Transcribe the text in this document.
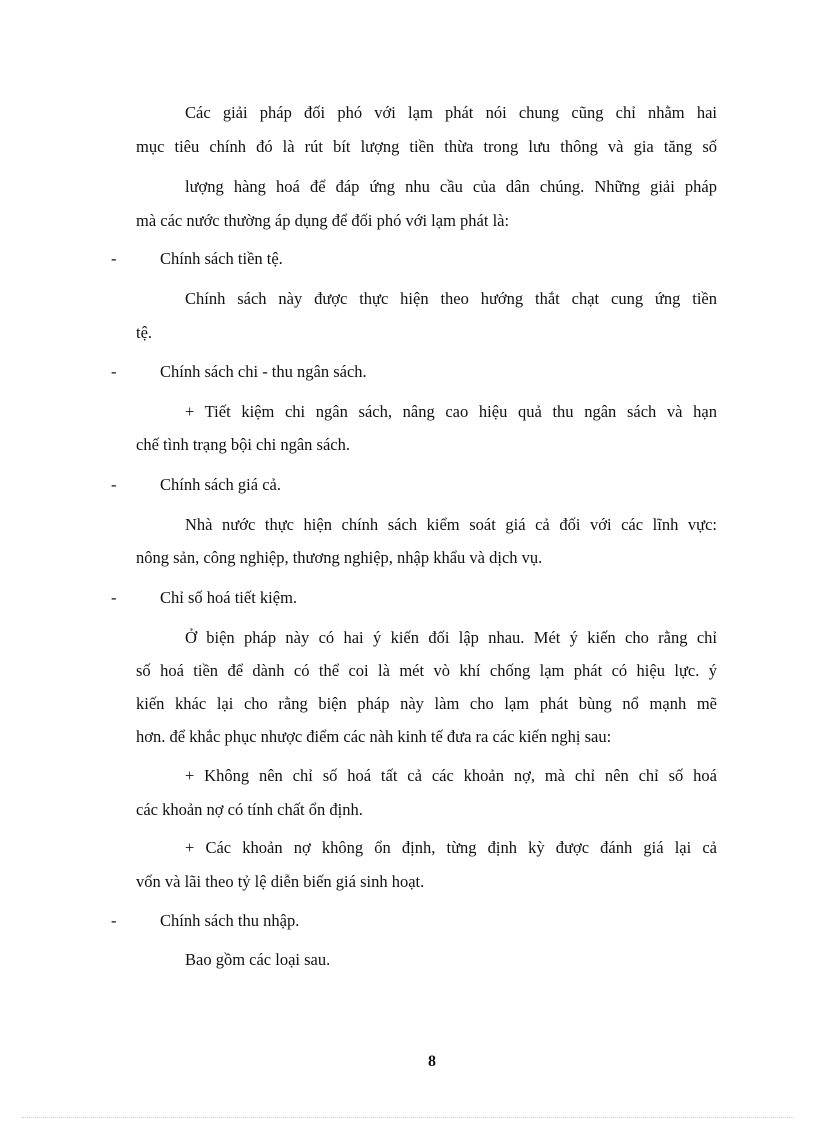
Các giải pháp đối phó với lạm phát nói chung cũng chỉ nhằm hai
mục tiêu chính đó là rút bít lượng tiền thừa trong lưu thông và gia tăng số
lượng hàng hoá để đáp ứng nhu cầu của dân chúng. Những giải pháp
mà các nước thường áp dụng để đối phó với lạm phát là:
-	Chính sách tiền tệ.
Chính sách này được thực hiện theo hướng thắt chạt cung ứng tiền
tệ.
-	Chính sách chi - thu ngân sách.
+ Tiết kiệm chi ngân sách, nâng cao hiệu quả thu ngân sách và hạn
chế tình trạng bội chi ngân sách.
-	Chính sách giá cả.
Nhà nước thực hiện chính sách kiểm soát giá cả đối với các lĩnh vực:
nông sản, công nghiệp, thương nghiệp, nhập khẩu và dịch vụ.
-	Chỉ số hoá tiết kiệm.
Ở biện pháp này có hai ý kiến đối lập nhau. Mét ý kiến cho rằng chỉ
số hoá tiền để dành có thể coi là mét vò khí chống lạm phát có hiệu lực. ý
kiến khác lại cho rằng biện pháp này làm cho lạm phát bùng nổ mạnh mẽ
hơn. để khắc phục nhược điểm các nàh kinh tế đưa ra các kiến nghị sau:
+ Không nên chỉ số hoá tất cả các khoản nợ, mà chỉ nên chỉ số hoá
các khoản nợ có tính chất ổn định.
+ Các khoản nợ không ổn định, từng định kỳ được đánh giá lại cả
vốn và lãi theo tỷ lệ diễn biến giá sinh hoạt.
-	Chính sách thu nhập.
Bao gồm các loại sau.
8
